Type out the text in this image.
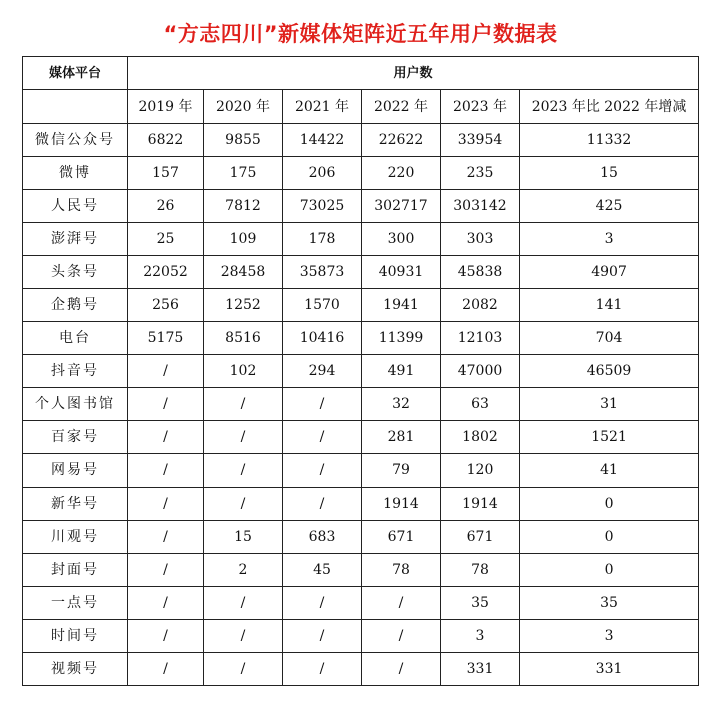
“方志四川”新媒体矩阵近五年用户数据表
媒体平台	用户数					
	2019 年	2020 年	2021 年	2022 年	2023 年	2023 年比 2022 年增减
微信公众号	6822	9855	14422	22622	33954	11332
微博	157	175	206	220	235	15
人民号	26	7812	73025	302717	303142	425
澎湃号	25	109	178	300	303	3
头条号	22052	28458	35873	40931	45838	4907
企鹅号	256	1252	1570	1941	2082	141
电台	5175	8516	10416	11399	12103	704
抖音号	/	102	294	491	47000	46509
个人图书馆	/	/	/	32	63	31
百家号	/	/	/	281	1802	1521
网易号	/	/	/	79	120	41
新华号	/	/	/	1914	1914	0
川观号	/	15	683	671	671	0
封面号	/	2	45	78	78	0
一点号	/	/	/	/	35	35
时间号	/	/	/	/	3	3
视频号	/	/	/	/	331	331
